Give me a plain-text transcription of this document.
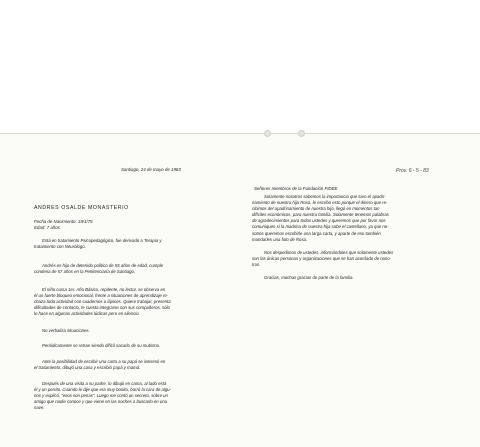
Santiago, 24 de mayo de 1983
ANDRES OSALDE MONASTERIO
Fecha de Nacimiento: 19/1/75
Edad: 7 años
Está en tratamiento Psicopedagógico, fue derivado a Terapia y
tratamiento con Neurólogo.
Andrés es hijo de detenido político de 55 años de edad, cumple
condena de 57 años en la Penitenciaría de Santiago.
El niño cursa 1er. Año Básico, repitente, no lector, se observa en
él un fuerte bloqueo emocional, frente a situaciones de aprendizaje re-
chaza toda actividad con cuadernos o lápices. Quiere trabajar, presenta
dificultades de contacto, le cuesta integrarse con sus compañeros, sólo
lo hace en algunas actividades lúdicas pero en silencio.
No verbaliza situaciones.
Periódicamente se retrae siendo difícil sacarlo de su mutismo.
Ante la posibilidad de escribir una carta a su papá se interesó en
el tratamiento, dibujó una casa y escribió papá y mamá.
Después de una visita a su padre, lo dibujó en cama, al lado está
él y un perrito. Cuando le dije que era muy bonito, borró la cara de algu-
nos y explicó, "esos son penas". Luego me contó un secreto, sobre un
amigo que nadie conoce y que viene en las noches a buscarlo en una
nave.
Prov. 6 - 5 - 83
Señores miembros de la Fundación FIDEE
Solamente nosotros sabemos la importancia que tuvo el apadri-
namiento de nuestra hija Rosa, le escribo esto porque el dinero que re-
cibimos del apadrinamiento de nuestra hija, llegó en momentos tan
difíciles económicos, para nuestra familia. Solamente tenemos palabras
de agradecimientos para todos ustedes y queremos que por favor nos
comuniquen si la madrina de nuestra hija sabe el castellano, ya que no-
sotros queremos escribirle una larga carta, y aparte de eso también
mandarles una foto de Rosa.
Nos despedimos de ustedes, informándoles que solamente ustedes
son las únicas personas y organizaciones que se han acordado de noso-
tros.
Gracias, muchas gracias de parte de la familia.
